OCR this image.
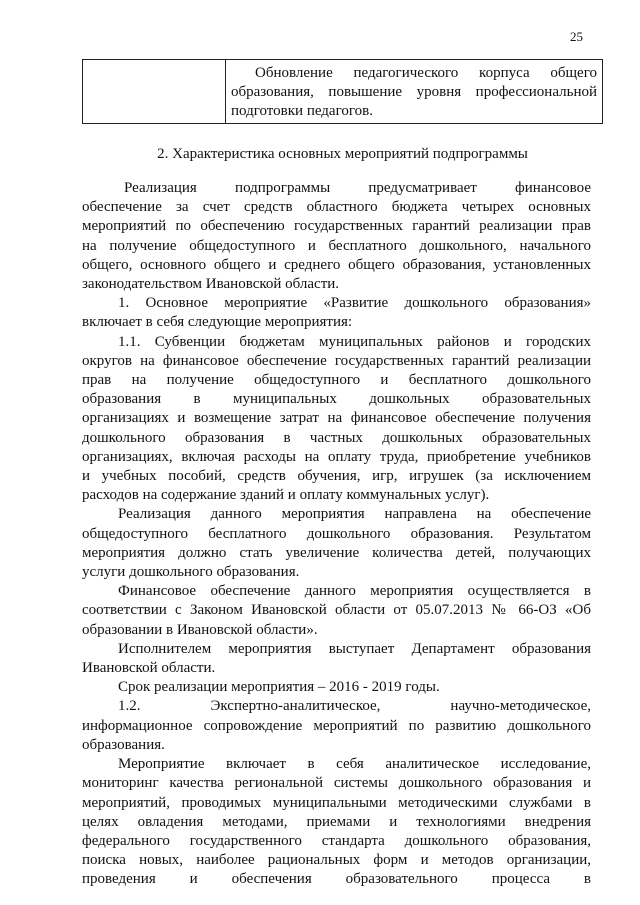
25
Обновление педагогического корпуса общего
образования, повышение уровня профессиональной
подготовки педагогов.
2. Характеристика основных мероприятий подпрограммы
Реализация подпрограммы предусматривает финансовое
обеспечение за счет средств областного бюджета четырех основных
мероприятий по обеспечению государственных гарантий реализации прав
на получение общедоступного и бесплатного дошкольного, начального
общего, основного общего и среднего общего образования, установленных
законодательством Ивановской области.
1. Основное мероприятие «Развитие дошкольного образования»
включает в себя следующие мероприятия:
1.1. Субвенции бюджетам муниципальных районов и городских
округов на финансовое обеспечение государственных гарантий реализации
прав на получение общедоступного и бесплатного дошкольного
образования в муниципальных дошкольных образовательных
организациях и возмещение затрат на финансовое обеспечение получения
дошкольного образования в частных дошкольных образовательных
организациях, включая расходы на оплату труда, приобретение учебников
и учебных пособий, средств обучения, игр, игрушек (за исключением
расходов на содержание зданий и оплату коммунальных услуг).
Реализация данного мероприятия направлена на обеспечение
общедоступного бесплатного дошкольного образования. Результатом
мероприятия должно стать увеличение количества детей, получающих
услуги дошкольного образования.
Финансовое обеспечение данного мероприятия осуществляется в
соответствии с Законом Ивановской области от 05.07.2013 № 66-ОЗ «Об
образовании в Ивановской области».
Исполнителем мероприятия выступает Департамент образования
Ивановской области.
Срок реализации мероприятия – 2016 - 2019 годы.
1.2. Экспертно-аналитическое, научно-методическое,
информационное сопровождение мероприятий по развитию дошкольного
образования.
Мероприятие включает в себя аналитическое исследование,
мониторинг качества региональной системы дошкольного образования и
мероприятий, проводимых муниципальными методическими службами в
целях овладения методами, приемами и технологиями внедрения
федерального государственного стандарта дошкольного образования,
поиска новых, наиболее рациональных форм и методов организации,
проведения и обеспечения образовательного процесса в
